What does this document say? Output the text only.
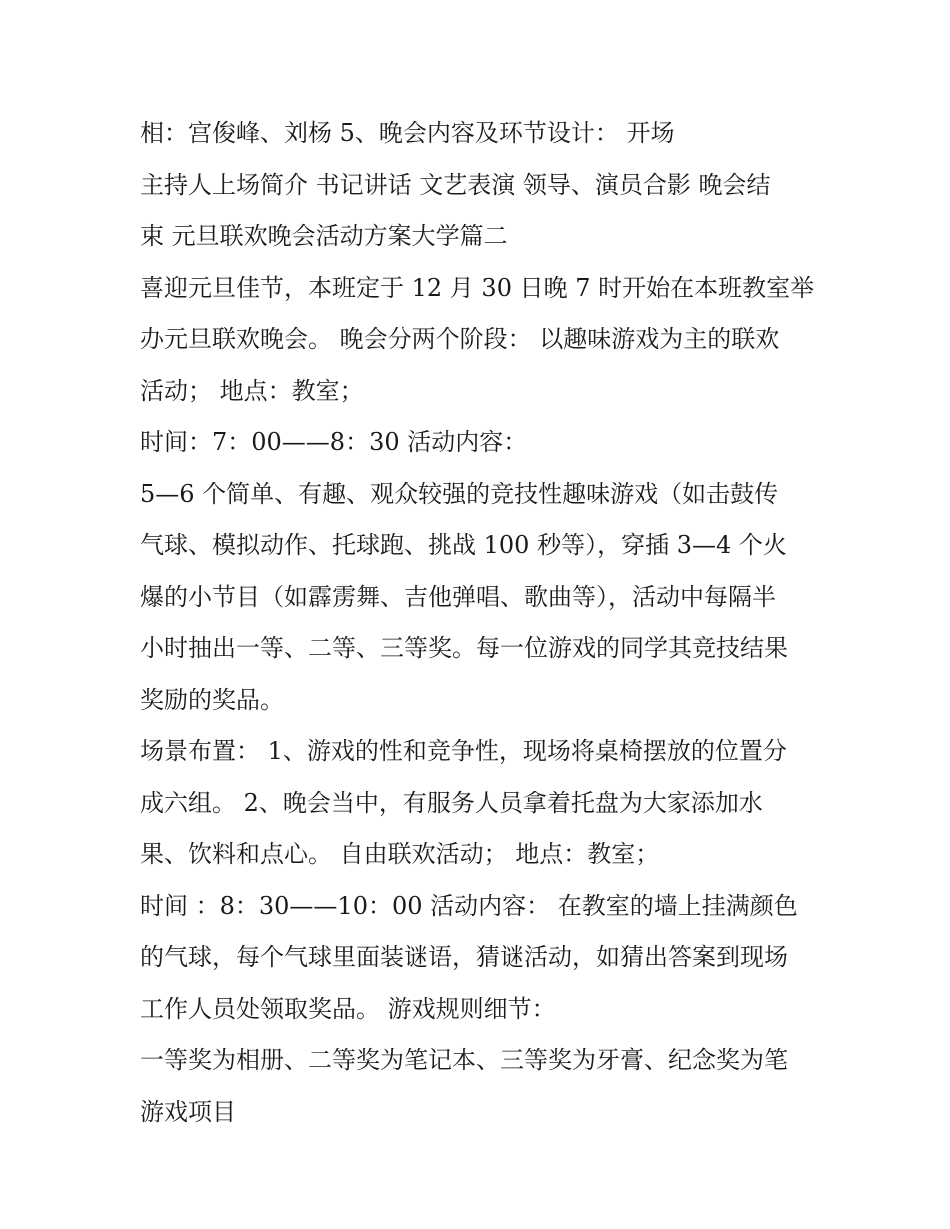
相：宫俊峰、刘杨 5、晚会内容及环节设计： 开场
主持人上场简介 书记讲话 文艺表演 领导、演员合影 晚会结
束 元旦联欢晚会活动方案大学篇二
喜迎元旦佳节，本班定于 12 月 30 日晚 7 时开始在本班教室举
办元旦联欢晚会。 晚会分两个阶段： 以趣味游戏为主的联欢
活动； 地点：教室；
时间：7：00——8：30 活动内容：
5—6 个简单、有趣、观众较强的竞技性趣味游戏（如击鼓传
气球、模拟动作、托球跑、挑战 100 秒等），穿插 3—4 个火
爆的小节目（如霹雳舞、吉他弹唱、歌曲等），活动中每隔半
小时抽出一等、二等、三等奖。每一位游戏的同学其竞技结果
奖励的奖品。
场景布置： 1、游戏的性和竞争性，现场将桌椅摆放的位置分
成六组。 2、晚会当中，有服务人员拿着托盘为大家添加水
果、饮料和点心。 自由联欢活动； 地点：教室；
时间 ：8：30——10：00 活动内容： 在教室的墙上挂满颜色
的气球，每个气球里面装谜语，猜谜活动，如猜出答案到现场
工作人员处领取奖品。 游戏规则细节：
一等奖为相册、二等奖为笔记本、三等奖为牙膏、纪念奖为笔
游戏项目
